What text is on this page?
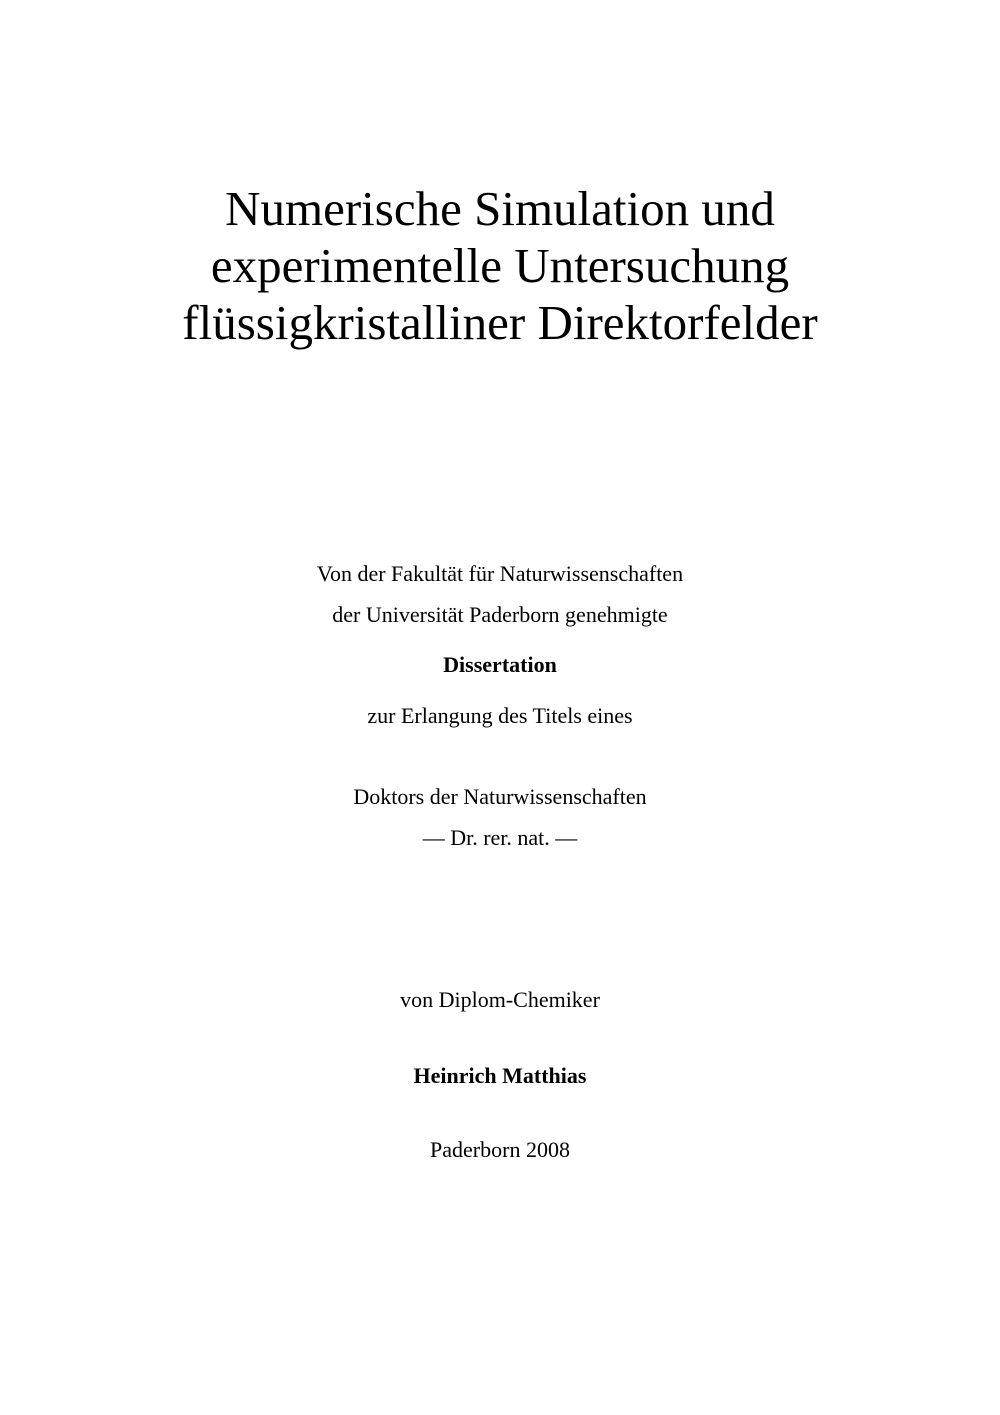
Numerische Simulation und
experimentelle Untersuchung
flüssigkristalliner Direktorfelder
Von der Fakultät für Naturwissenschaften
der Universität Paderborn genehmigte
Dissertation
zur Erlangung des Titels eines
Doktors der Naturwissenschaften
— Dr. rer. nat. —
von Diplom-Chemiker
Heinrich Matthias
Paderborn 2008
